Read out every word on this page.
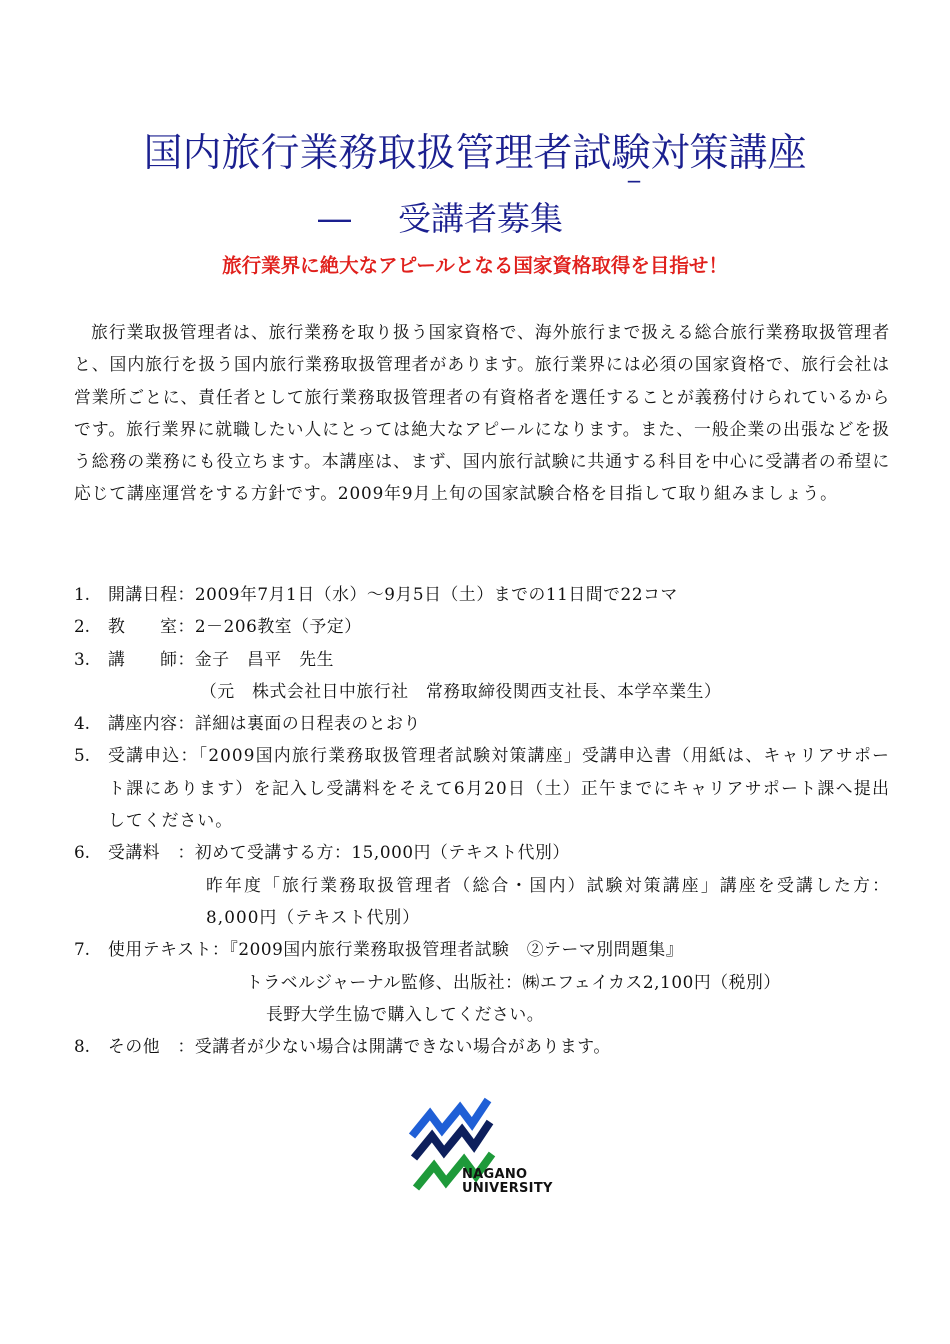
国内旅行業務取扱管理者試験対策講座
― 受講者募集
‾
旅行業界に絶大なアピールとなる国家資格取得を目指せ！
旅行業取扱管理者は、旅行業務を取り扱う国家資格で、海外旅行まで扱える総合旅行業務取扱管理者と、国内旅行を扱う国内旅行業務取扱管理者があります。旅行業界には必須の国家資格で、旅行会社は営業所ごとに、責任者として旅行業務取扱管理者の有資格者を選任することが義務付けられているからです。旅行業界に就職したい人にとっては絶大なアピールになります。また、一般企業の出張などを扱う総務の業務にも役立ちます。本講座は、まず、国内旅行試験に共通する科目を中心に受講者の希望に応じて講座運営をする方針です。2009年9月上旬の国家試験合格を目指して取り組みましょう。
1.	開講日程：2009年7月1日（水）～9月5日（土）までの11日間で22コマ
2.	教　　室：2－206教室（予定）
3.	講　　師：金子　昌平　先生
（元　株式会社日中旅行社　常務取締役関西支社長、本学卒業生）
4.	講座内容：詳細は裏面の日程表のとおり
5.	受講申込：「2009国内旅行業務取扱管理者試験対策講座」受講申込書（用紙は、キャリアサポート課にあります）を記入し受講料をそえて6月20日（土）正午までにキャリアサポート課へ提出してください。
6.	受講料　：初めて受講する方：15,000円（テキスト代別）
昨年度「旅行業務取扱管理者（総合・国内）試験対策講座」講座を受講した方：8,000円（テキスト代別）
7.	使用テキスト：『2009国内旅行業務取扱管理者試験　②テーマ別問題集』
トラベルジャーナル監修、出版社：㈱エフェイカス2,100円（税別）
長野大学生協で購入してください。
8.	その他　：受講者が少ない場合は開講できない場合があります。
NAGANO
UNIVERSITY
